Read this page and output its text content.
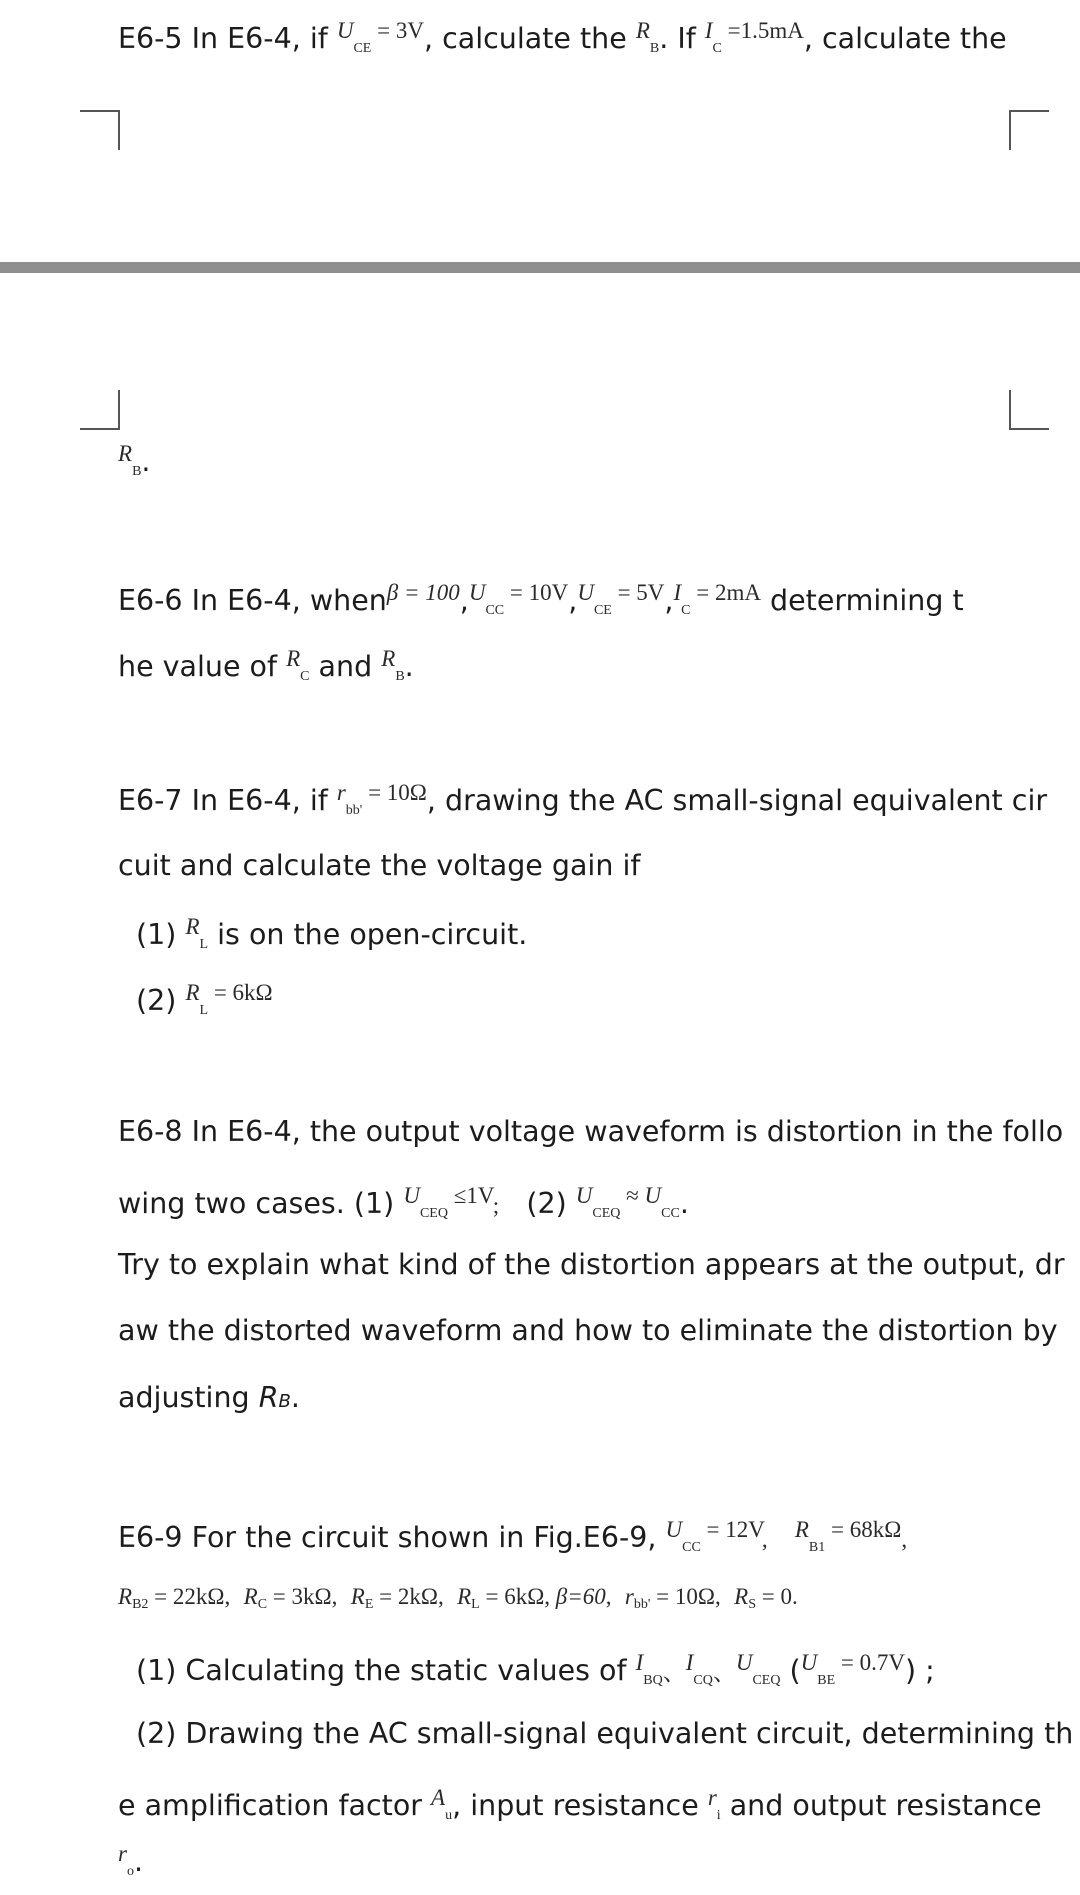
E6-5 In E6-4, if $^U$CE $^{= 3V}$, calculate the $^R$B. If $^I$C $^{=1.5mA}$, calculate the
$^R$B.
E6-6 In E6-4, when$^{\beta = 100}$,$^U$CC $^{= 10V}$,$^U$CE $^{= 5V}$,$^I$C $^{= 2mA}$ determining t
he value of $^R$C and $^R$B.
E6-7 In E6-4, if $^r$bb' $^{= 10\Omega}$, drawing the AC small-signal equivalent cir
cuit and calculate the voltage gain if
(1) $^R$L is on the open-circuit.
(2) $^R$L $^{= 6k\Omega}$
E6-8 In E6-4, the output voltage waveform is distortion in the follo
wing two cases. (1) $^U$CEQ $^{\le 1V}$; (2) $^U$CEQ ≈ $^U$CC.
Try to explain what kind of the distortion appears at the output, dr
aw the distorted waveform and how to eliminate the distortion by
adjusting RB.
E6-9 For the circuit shown in Fig.E6-9, $^U$CC $^{= 12V}$, $^R$B1 $^{= 68k\Omega}$,
RB2 = 22kΩ,  RC = 3kΩ,  RE = 2kΩ,  RL = 6kΩ, β=60,  rbb' = 10Ω,  RS = 0.
(1) Calculating the static values of $^I$BQ、$^I$CQ、$^U$CEQ ($^U$BE $^{= 0.7V}$) ;
(2) Drawing the AC small-signal equivalent circuit, determining th
e amplification factor $^A$u, input resistance $^r$i and output resistance
$^r$o.
